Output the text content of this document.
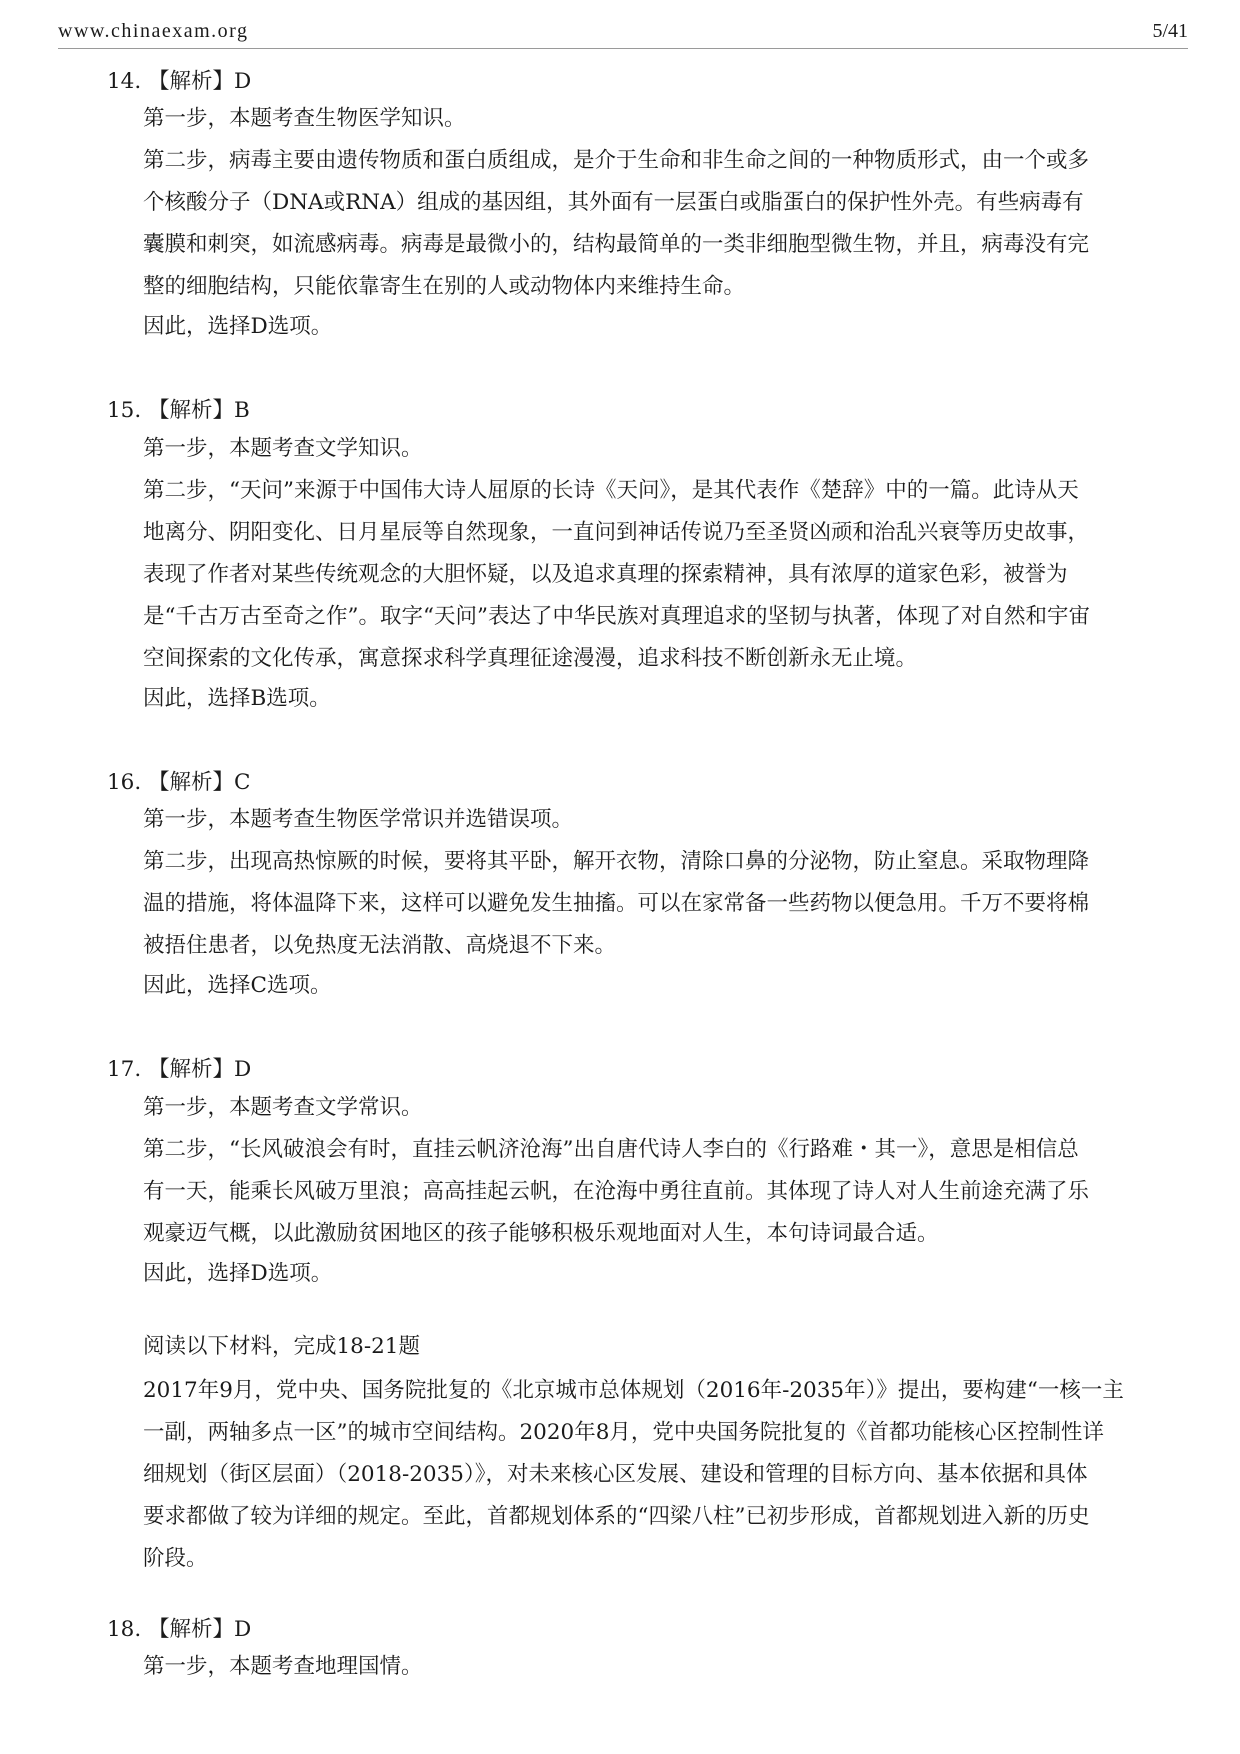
www.chinaexam.org	5/41
14. 【解析】D
第一步，本题考查生物医学知识。
第二步，病毒主要由遗传物质和蛋白质组成，是介于生命和非生命之间的一种物质形式，由一个或多
个核酸分子（DNA或RNA）组成的基因组，其外面有一层蛋白或脂蛋白的保护性外壳。有些病毒有
囊膜和刺突，如流感病毒。病毒是最微小的，结构最简单的一类非细胞型微生物，并且，病毒没有完
整的细胞结构，只能依靠寄生在别的人或动物体内来维持生命。
因此，选择D选项。
15. 【解析】B
第一步，本题考查文学知识。
第二步，“天问”来源于中国伟大诗人屈原的长诗《天问》，是其代表作《楚辞》中的一篇。此诗从天
地离分、阴阳变化、日月星辰等自然现象，一直问到神话传说乃至圣贤凶顽和治乱兴衰等历史故事，
表现了作者对某些传统观念的大胆怀疑，以及追求真理的探索精神，具有浓厚的道家色彩，被誉为
是“千古万古至奇之作”。取字“天问”表达了中华民族对真理追求的坚韧与执著，体现了对自然和宇宙
空间探索的文化传承，寓意探求科学真理征途漫漫，追求科技不断创新永无止境。
因此，选择B选项。
16. 【解析】C
第一步，本题考查生物医学常识并选错误项。
第二步，出现高热惊厥的时候，要将其平卧，解开衣物，清除口鼻的分泌物，防止窒息。采取物理降
温的措施，将体温降下来，这样可以避免发生抽搐。可以在家常备一些药物以便急用。千万不要将棉
被捂住患者，以免热度无法消散、高烧退不下来。
因此，选择C选项。
17. 【解析】D
第一步，本题考查文学常识。
第二步，“长风破浪会有时，直挂云帆济沧海”出自唐代诗人李白的《行路难・其一》，意思是相信总
有一天，能乘长风破万里浪；高高挂起云帆，在沧海中勇往直前。其体现了诗人对人生前途充满了乐
观豪迈气概，以此激励贫困地区的孩子能够积极乐观地面对人生，本句诗词最合适。
因此，选择D选项。
阅读以下材料，完成18-21题
2017年9月，党中央、国务院批复的《北京城市总体规划（2016年-2035年）》提出，要构建“一核一主
一副，两轴多点一区”的城市空间结构。2020年8月，党中央国务院批复的《首都功能核心区控制性详
细规划（街区层面）（2018-2035）》，对未来核心区发展、建设和管理的目标方向、基本依据和具体
要求都做了较为详细的规定。至此，首都规划体系的“四梁八柱”已初步形成，首都规划进入新的历史
阶段。
18. 【解析】D
第一步，本题考查地理国情。
